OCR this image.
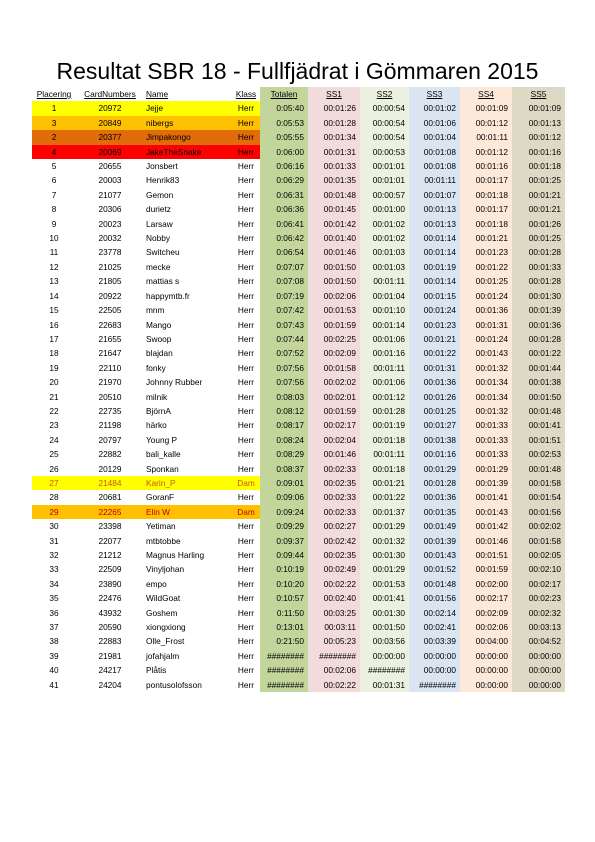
Resultat SBR 18 - Fullfjädrat i Gömmaren 2015
Placering	CardNumbers	Name	Klass	Totalen	SS1	SS2	SS3	SS4	SS5
1	20972	Jejje	Herr	0:05:40	00:01:26	00:00:54	00:01:02	00:01:09	00:01:09
3	20849	nibergs	Herr	0:05:53	00:01:28	00:00:54	00:01:06	00:01:12	00:01:13
2	20377	Jimpakongo	Herr	0:05:55	00:01:34	00:00:54	00:01:04	00:01:11	00:01:12
4	20069	JakeTheSnake	Herr	0:06:00	00:01:31	00:00:53	00:01:08	00:01:12	00:01:16
5	20655	Jonsbert	Herr	0:06:16	00:01:33	00:01:01	00:01:08	00:01:16	00:01:18
6	20003	Henrik83	Herr	0:06:29	00:01:35	00:01:01	00:01:11	00:01:17	00:01:25
7	21077	Gemon	Herr	0:06:31	00:01:48	00:00:57	00:01:07	00:01:18	00:01:21
8	20306	durietz	Herr	0:06:36	00:01:45	00:01:00	00:01:13	00:01:17	00:01:21
9	20023	Larsaw	Herr	0:06:41	00:01:42	00:01:02	00:01:13	00:01:18	00:01:26
10	20032	Nobby	Herr	0:06:42	00:01:40	00:01:02	00:01:14	00:01:21	00:01:25
11	23778	Switcheu	Herr	0:06:54	00:01:46	00:01:03	00:01:14	00:01:23	00:01:28
12	21025	mecke	Herr	0:07:07	00:01:50	00:01:03	00:01:19	00:01:22	00:01:33
13	21805	mattias s	Herr	0:07:08	00:01:50	00:01:11	00:01:14	00:01:25	00:01:28
14	20922	happymtb.fr	Herr	0:07:19	00:02:06	00:01:04	00:01:15	00:01:24	00:01:30
15	22505	mnm	Herr	0:07:42	00:01:53	00:01:10	00:01:24	00:01:36	00:01:39
16	22683	Mango	Herr	0:07:43	00:01:59	00:01:14	00:01:23	00:01:31	00:01:36
17	21655	Swoop	Herr	0:07:44	00:02:25	00:01:06	00:01:21	00:01:24	00:01:28
18	21647	blajdan	Herr	0:07:52	00:02:09	00:01:16	00:01:22	00:01:43	00:01:22
19	22110	fonky	Herr	0:07:56	00:01:58	00:01:11	00:01:31	00:01:32	00:01:44
20	21970	Johnny Rubber	Herr	0:07:56	00:02:02	00:01:06	00:01:36	00:01:34	00:01:38
21	20510	milnik	Herr	0:08:03	00:02:01	00:01:12	00:01:26	00:01:34	00:01:50
22	22735	BjörnA	Herr	0:08:12	00:01:59	00:01:28	00:01:25	00:01:32	00:01:48
23	21198	härko	Herr	0:08:17	00:02:17	00:01:19	00:01:27	00:01:33	00:01:41
24	20797	Young P	Herr	0:08:24	00:02:04	00:01:18	00:01:38	00:01:33	00:01:51
25	22882	bali_kalle	Herr	0:08:29	00:01:46	00:01:11	00:01:16	00:01:33	00:02:53
26	20129	Sponkan	Herr	0:08:37	00:02:33	00:01:18	00:01:29	00:01:29	00:01:48
27	21484	Karin_P	Dam	0:09:01	00:02:35	00:01:21	00:01:28	00:01:39	00:01:58
28	20681	GoranF	Herr	0:09:06	00:02:33	00:01:22	00:01:36	00:01:41	00:01:54
29	22265	Elin W	Dam	0:09:24	00:02:33	00:01:37	00:01:35	00:01:43	00:01:56
30	23398	Yetiman	Herr	0:09:29	00:02:27	00:01:29	00:01:49	00:01:42	00:02:02
31	22077	mtbtobbe	Herr	0:09:37	00:02:42	00:01:32	00:01:39	00:01:46	00:01:58
32	21212	Magnus Harling	Herr	0:09:44	00:02:35	00:01:30	00:01:43	00:01:51	00:02:05
33	22509	Vinyljohan	Herr	0:10:19	00:02:49	00:01:29	00:01:52	00:01:59	00:02:10
34	23890	empo	Herr	0:10:20	00:02:22	00:01:53	00:01:48	00:02:00	00:02:17
35	22476	WildGoat	Herr	0:10:57	00:02:40	00:01:41	00:01:56	00:02:17	00:02:23
36	43932	Goshem	Herr	0:11:50	00:03:25	00:01:30	00:02:14	00:02:09	00:02:32
37	20590	xiongxiong	Herr	0:13:01	00:03:11	00:01:50	00:02:41	00:02:06	00:03:13
38	22883	Olle_Frost	Herr	0:21:50	00:05:23	00:03:56	00:03:39	00:04:00	00:04:52
39	21981	jofahjalm	Herr	########	########	00:00:00	00:00:00	00:00:00	00:00:00
40	24217	Plåtis	Herr	########	00:02:06	########	00:00:00	00:00:00	00:00:00
41	24204	pontusolofsson	Herr	########	00:02:22	00:01:31	########	00:00:00	00:00:00
